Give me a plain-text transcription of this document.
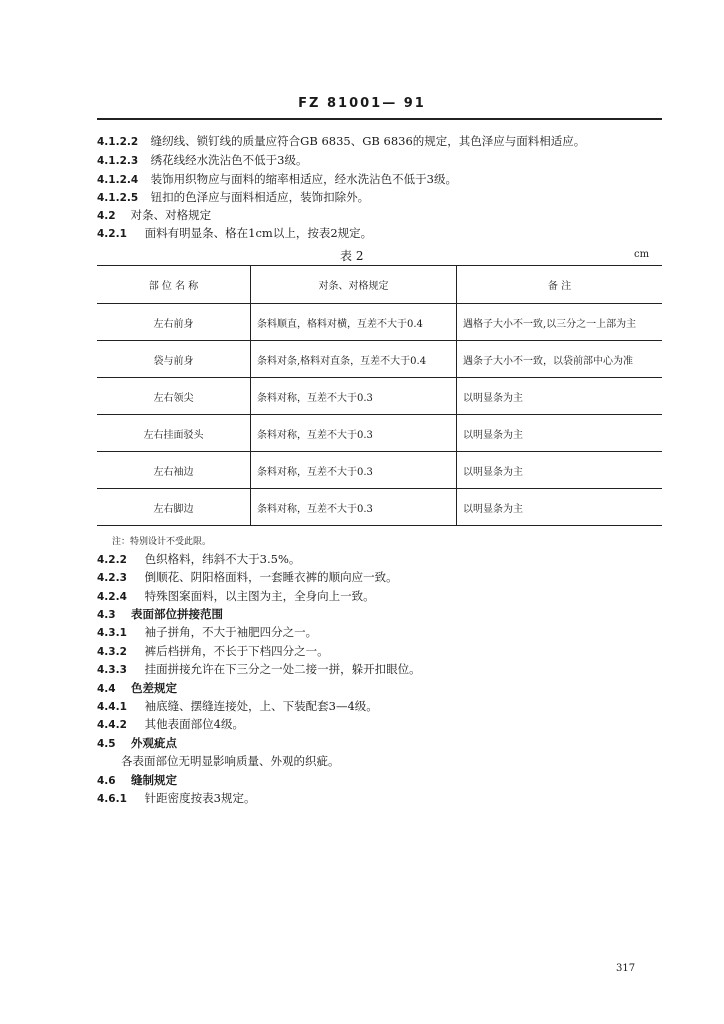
FZ 81001— 91
4.1.2.2 缝纫线、锁钉线的质量应符合GB 6835、GB 6836的规定，其色泽应与面料相适应。
4.1.2.3 绣花线经水洗沾色不低于3级。
4.1.2.4 装饰用织物应与面料的缩率相适应，经水洗沾色不低于3级。
4.1.2.5 钮扣的色泽应与面料相适应，装饰扣除外。
4.2 对条、对格规定
4.2.1 面料有明显条、格在1cm以上，按表2规定。
表 2	cm
部 位 名 称	对条、对格规定	备 注
左右前身	条料顺直，格料对横，互差不大于0.4	遇格子大小不一致,以三分之一上部为主
袋与前身	条料对条,格料对直条，互差不大于0.4	遇条子大小不一致，以袋前部中心为准
左右领尖	条料对称，互差不大于0.3	以明显条为主
左右挂面驳头	条料对称，互差不大于0.3	以明显条为主
左右袖边	条料对称，互差不大于0.3	以明显条为主
左右脚边	条料对称，互差不大于0.3	以明显条为主
注：特别设计不受此限。
4.2.2 色织格料，纬斜不大于3.5%。
4.2.3 倒顺花、阴阳格面料，一套睡衣裤的顺向应一致。
4.2.4 特殊图案面料，以主图为主，全身向上一致。
4.3 表面部位拼接范围
4.3.1 袖子拼角，不大于袖肥四分之一。
4.3.2 裤后档拼角，不长于下档四分之一。
4.3.3 挂面拼接允许在下三分之一处二接一拼，躲开扣眼位。
4.4 色差规定
4.4.1 袖底缝、摆缝连接处，上、下装配套3—4级。
4.4.2 其他表面部位4级。
4.5 外观疵点
各表面部位无明显影响质量、外观的织疵。
4.6 缝制规定
4.6.1 针距密度按表3规定。
317
